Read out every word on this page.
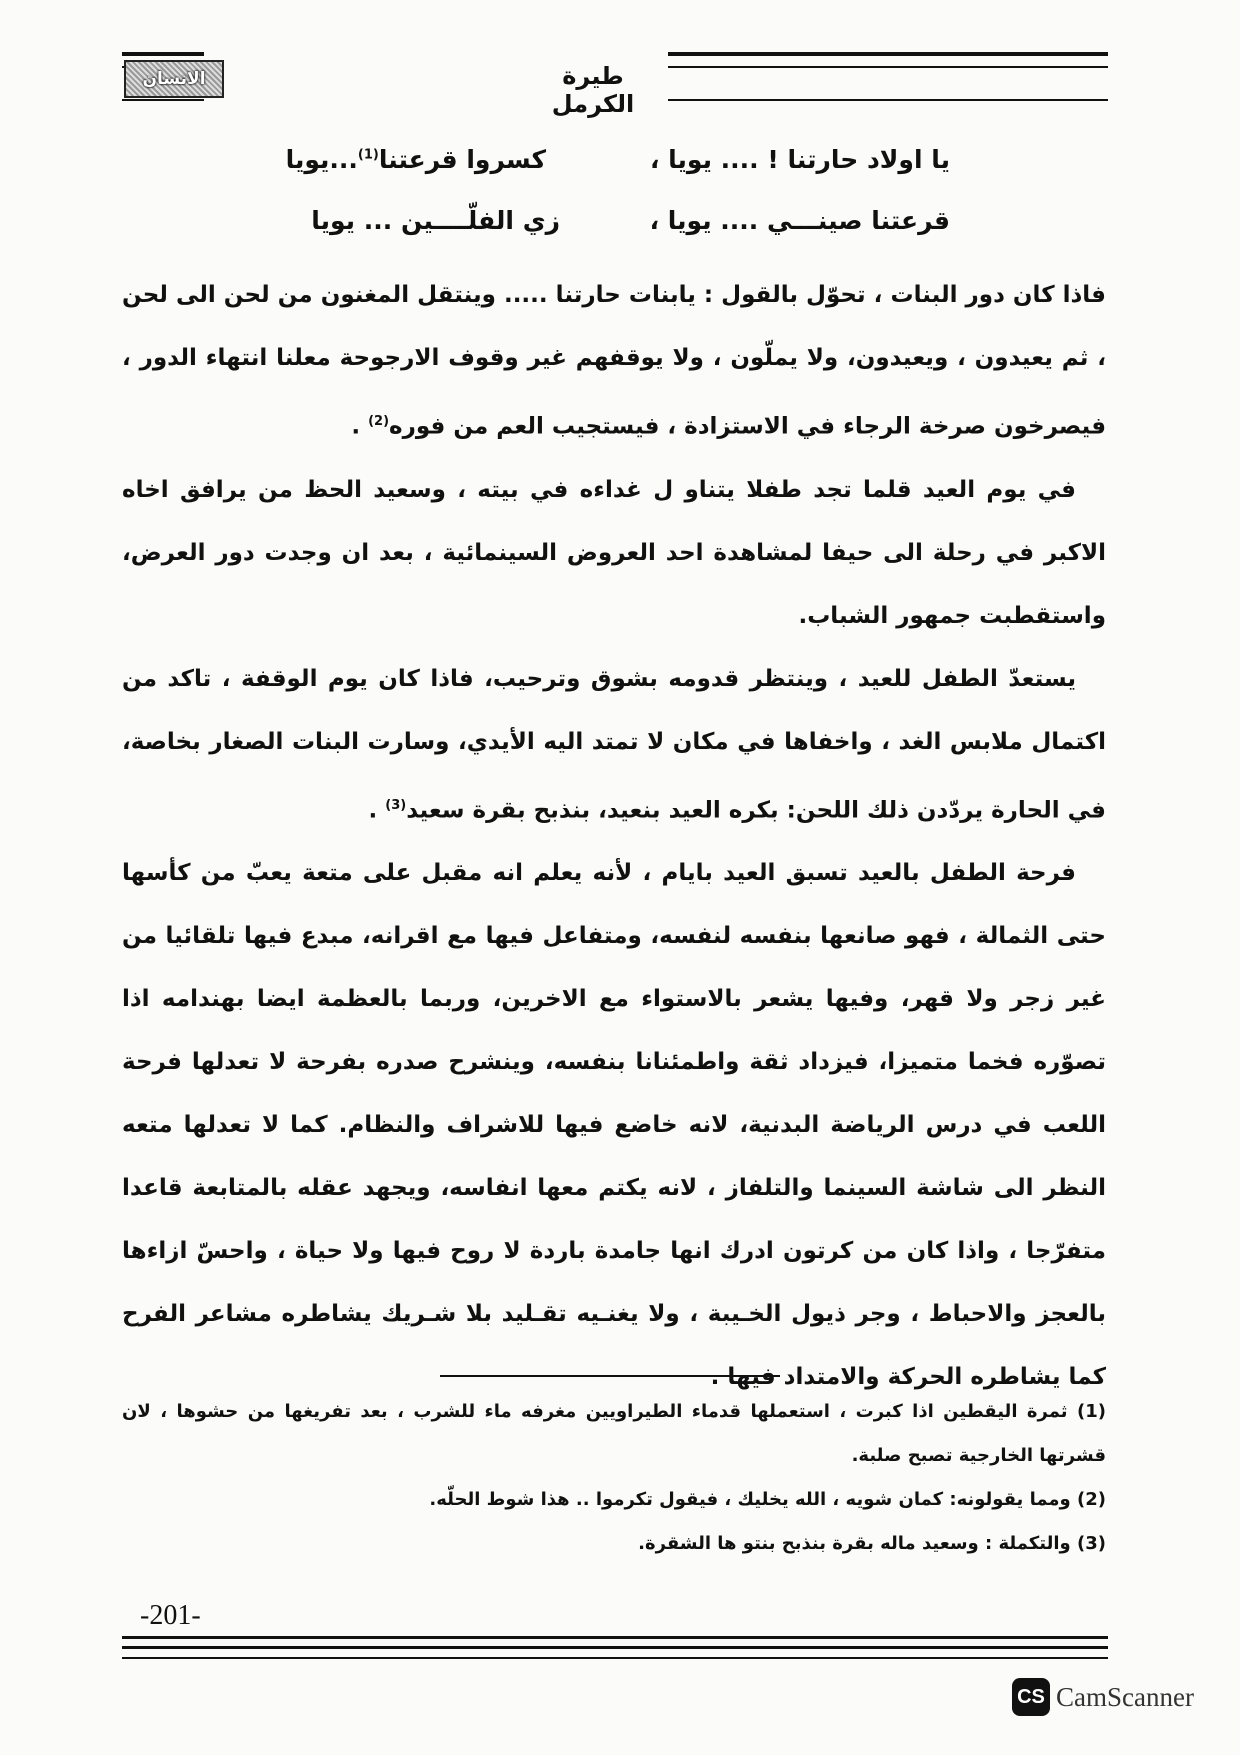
الانسان	طيرة الكرمل
يا اولاد حارتنا ! .... يويا ،
كسروا قرعتنا$^{(1)}$...يويا
قرعتنا صينـــي .... يويا ،
زي الفلّــــين ... يويا

فاذا كان دور البنات ، تحوّل بالقول : يابنات حارتنا ..... وينتقل المغنون من لحن الى لحن ، ثم يعيدون ، ويعيدون، ولا يملّون ، ولا يوقفهم غير وقوف الارجوحة معلنا انتهاء الدور ، فيصرخون صرخة الرجاء في الاستزادة ، فيستجيب العم من فوره$^{(2)}$ .

في يوم العيد قلما تجد طفلا يتناو ل غداءه في بيته ، وسعيد الحظ من يرافق اخاه الاكبر في رحلة الى حيفا لمشاهدة احد العروض السينمائية ، بعد ان وجدت دور العرض، واستقطبت جمهور الشباب.

يستعدّ الطفل للعيد ، وينتظر قدومه بشوق وترحيب، فاذا كان يوم الوقفة ، تاكد من اكتمال ملابس الغد ، واخفاها في مكان لا تمتد اليه الأيدي، وسارت البنات الصغار بخاصة، في الحارة يردّدن ذلك اللحن: بكره العيد بنعيد، بنذبح بقرة سعيد$^{(3)}$ .

فرحة الطفل بالعيد تسبق العيد بايام ، لأنه يعلم انه مقبل على متعة يعبّ من كأسها حتى الثمالة ، فهو صانعها بنفسه لنفسه، ومتفاعل فيها مع اقرانه، مبدع فيها تلقائيا من غير زجر ولا قهر، وفيها يشعر بالاستواء مع الاخرين، وربما بالعظمة ايضا بهندامه اذا تصوّره فخما متميزا، فيزداد ثقة واطمئنانا بنفسه، وينشرح صدره بفرحة لا تعدلها فرحة اللعب في درس الرياضة البدنية، لانه خاضع فيها للاشراف والنظام. كما لا تعدلها متعه النظر الى شاشة السينما والتلفاز ، لانه يكتم معها انفاسه، ويجهد عقله بالمتابعة قاعدا متفرّجا ، واذا كان من كرتون ادرك انها جامدة باردة لا روح فيها ولا حياة ، واحسّ ازاءها بالعجز والاحباط ، وجر ذيول الخـيبة ، ولا يغنـيه تقـليد بلا شـريك يشاطره مشاعر الفرح كما يشاطره الحركة والامتداد فيها .

(1) ثمرة اليقطين اذا كبرت ، استعملها قدماء الطيراويين مغرفه ماء للشرب ، بعد تفريغها من حشوها ، لان قشرتها الخارجية تصبح صلبة.

(2) ومما يقولونه: كمان شويه ، الله يخليك ، فيقول تكرموا .. هذا شوط الحلّه.

(3) والتكملة : وسعيد ماله بقرة بنذبح بنتو ها الشقرة.

-201-
CS CamScanner
